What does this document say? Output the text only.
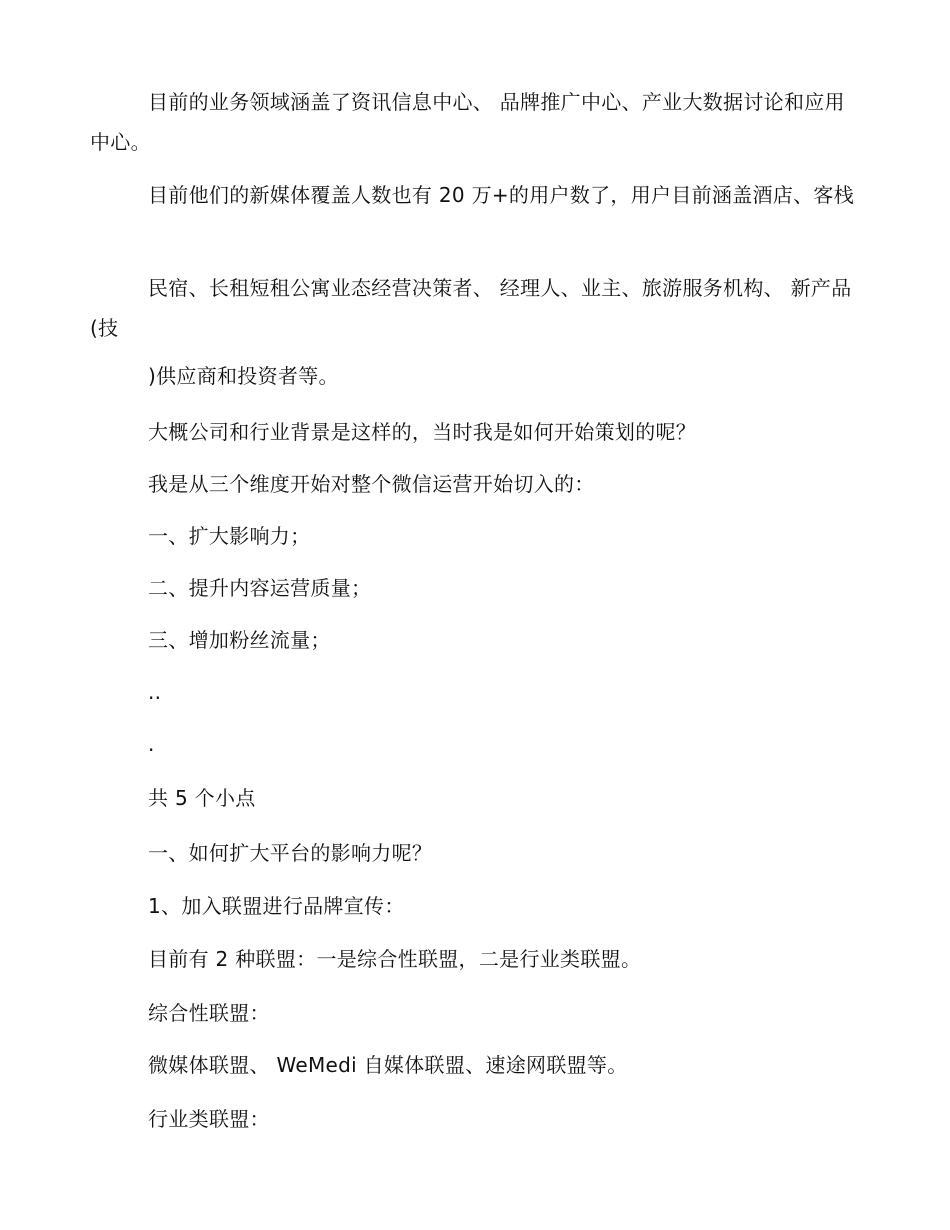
目前的业务领域涵盖了资讯信息中心、 品牌推广中心、产业大数据讨论和应用中心。
目前他们的新媒体覆盖人数也有 20 万+的用户数了，用户目前涵盖酒店、客栈
民宿、长租短租公寓业态经营决策者、 经理人、业主、旅游服务机构、 新产品 (技
)供应商和投资者等。
大概公司和行业背景是这样的，当时我是如何开始策划的呢？
我是从三个维度开始对整个微信运营开始切入的：
一、扩大影响力；
二、提升内容运营质量；
三、增加粉丝流量；
..
.
共 5 个小点
一、如何扩大平台的影响力呢？
1、加入联盟进行品牌宣传：
目前有 2 种联盟：一是综合性联盟，二是行业类联盟。
综合性联盟：
微媒体联盟、 WeMedi 自媒体联盟、速途网联盟等。
行业类联盟：
